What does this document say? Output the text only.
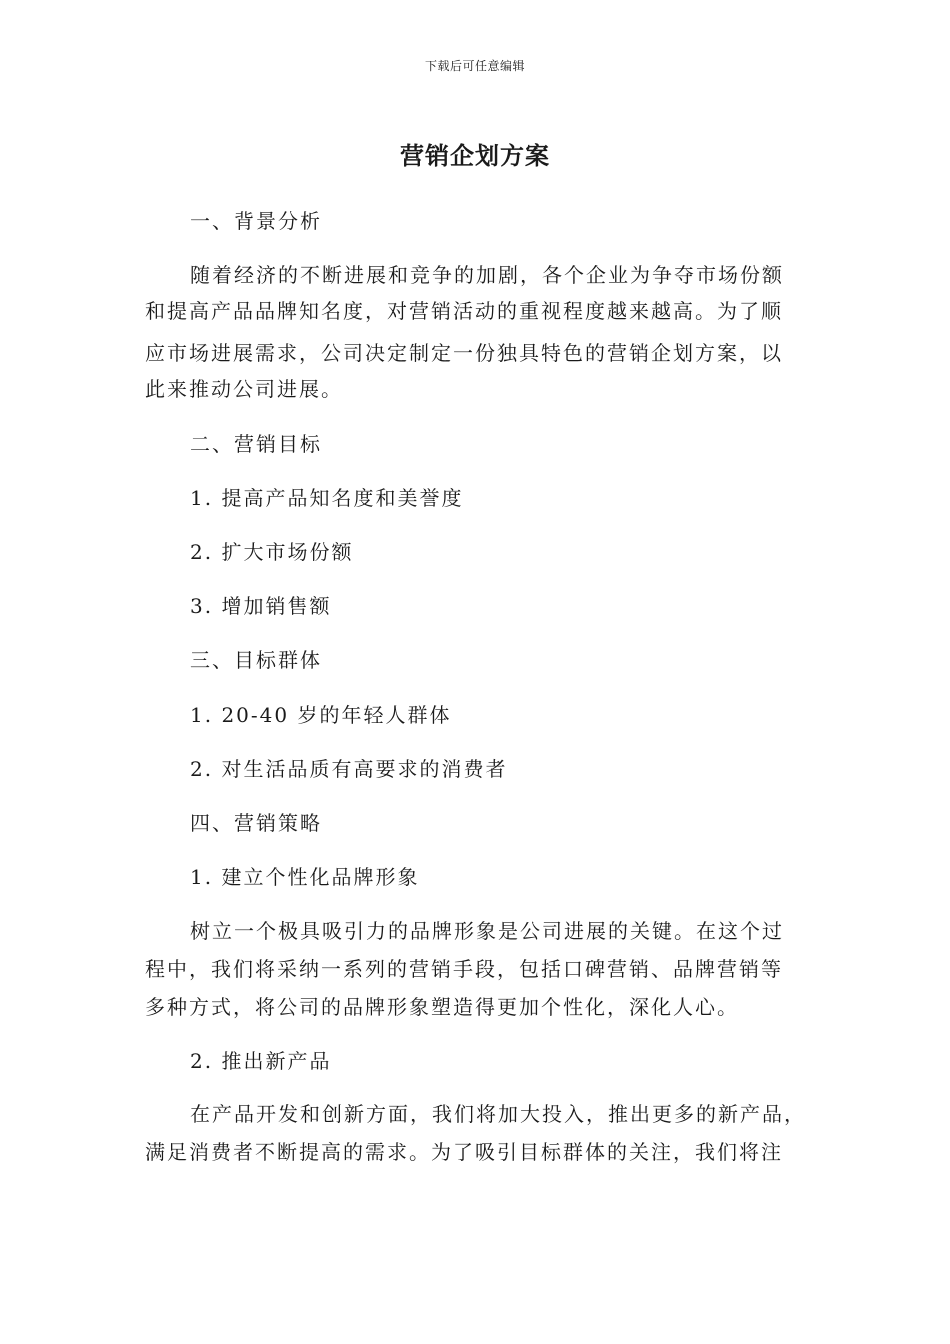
下载后可任意编辑
营销企划方案
一、背景分析
随着经济的不断进展和竞争的加剧，各个企业为争夺市场份额
和提高产品品牌知名度，对营销活动的重视程度越来越高。为了顺
应市场进展需求，公司决定制定一份独具特色的营销企划方案，以
此来推动公司进展。
二、营销目标
1. 提高产品知名度和美誉度
2. 扩大市场份额
3. 增加销售额
三、目标群体
1. 20-40 岁的年轻人群体
2. 对生活品质有高要求的消费者
四、营销策略
1. 建立个性化品牌形象
树立一个极具吸引力的品牌形象是公司进展的关键。在这个过
程中，我们将采纳一系列的营销手段，包括口碑营销、品牌营销等
多种方式，将公司的品牌形象塑造得更加个性化，深化人心。
2. 推出新产品
在产品开发和创新方面，我们将加大投入，推出更多的新产品，
满足消费者不断提高的需求。为了吸引目标群体的关注，我们将注
